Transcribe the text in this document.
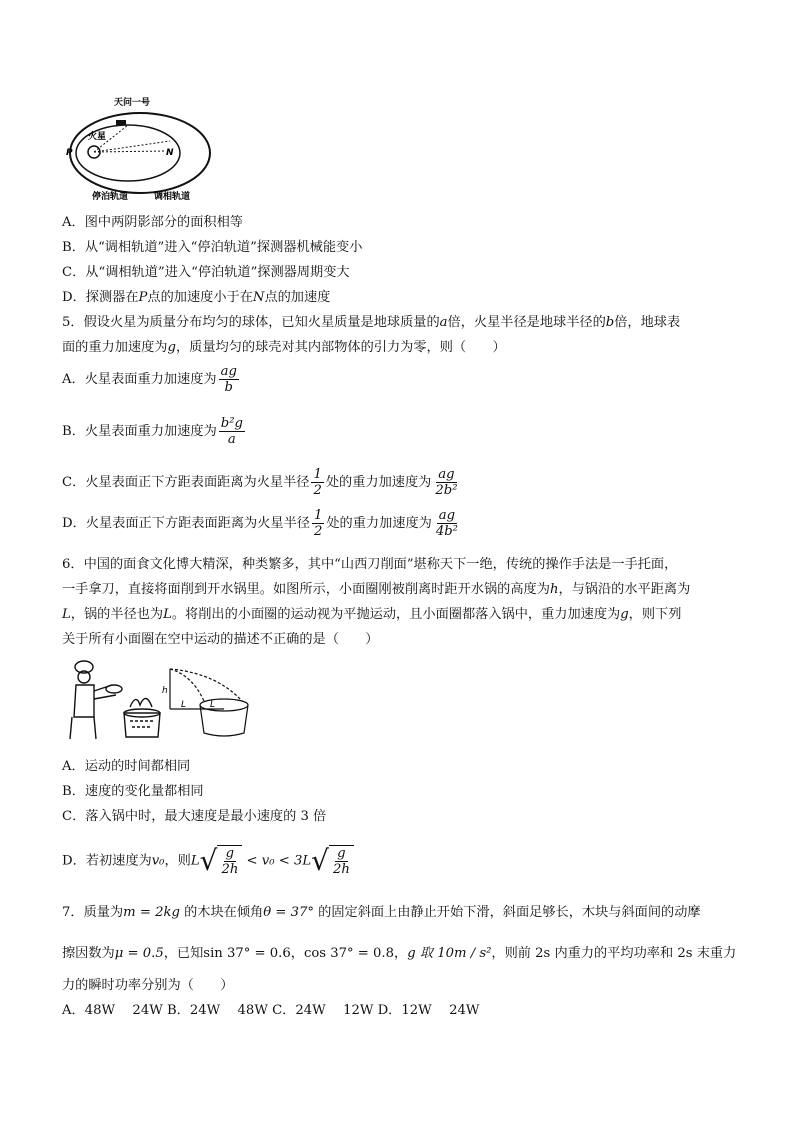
天问一号
火星
P	N
停泊轨道	调相轨道
A．图中两阴影部分的面积相等
B．从“调相轨道”进入“停泊轨道”探测器机械能变小
C．从“调相轨道”进入“停泊轨道”探测器周期变大
D．探测器在P点的加速度小于在N点的加速度
5．假设火星为质量分布均匀的球体，已知火星质量是地球质量的a倍，火星半径是地球半径的b倍，地球表
面的重力加速度为g，质量均匀的球壳对其内部物体的引力为零，则（　　）
A．火星表面重力加速度为 $\frac{ag}{b}$
B．火星表面重力加速度为 $\frac{\text{b²g}}{a}$
C．火星表面正下方距表面距离为火星半径 $\frac{1}{2}$ 处的重力加速度为 $\frac{ag}{\text{2b²}}$
D．火星表面正下方距表面距离为火星半径 $\frac{1}{2}$ 处的重力加速度为 $\frac{ag}{\text{4b²}}$
6．中国的面食文化博大精深，种类繁多，其中“山西刀削面”堪称天下一绝，传统的操作手法是一手托面，
一手拿刀，直接将面削到开水锅里。如图所示，小面圈刚被削离时距开水锅的高度为h，与锅沿的水平距离为
L，锅的半径也为L。将削出的小面圈的运动视为平抛运动，且小面圈都落入锅中，重力加速度为g，则下列
关于所有小面圈在空中运动的描述不正确的是（　　）
h
L	L
A．运动的时间都相同
B．速度的变化量都相同
C．落入锅中时，最大速度是最小速度的 3 倍
D．若初速度为v₀，则L √ $\frac{g}{2h} < v_0 < 3L$ √ $\frac{g}{2h}$
7．质量为m = 2kg 的木块在倾角θ = 37° 的固定斜面上由静止开始下滑，斜面足够长，木块与斜面间的动摩
擦因数为μ = 0.5，已知sin 37° = 0.6，cos 37° = 0.8，g 取 10m / s²，则前 2s 内重力的平均功率和 2s 末重力
力的瞬时功率分别为（　　）
A．48W　 24W B．24W　 48W C．24W　 12W D．12W　 24W
